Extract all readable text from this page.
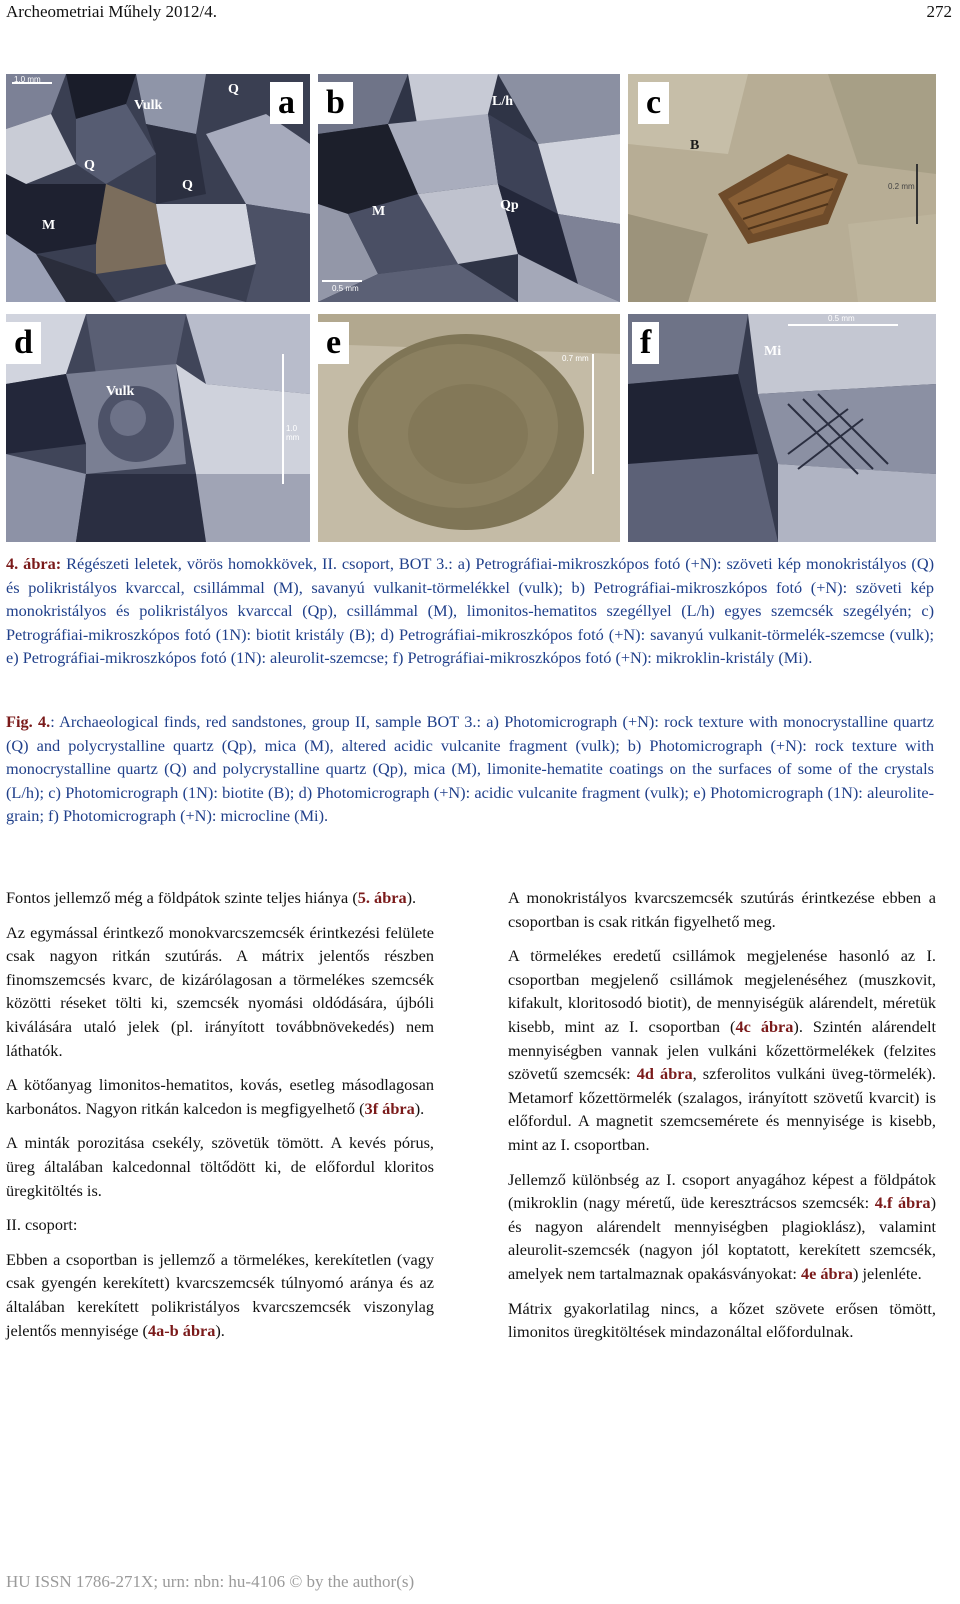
Archeometriai Műhely 2012/4.	272
1.0 mm
Vulk
Q
Q
Q
M
a
0.5 mm
L/h
M	Qp
b
0.2 mm
B
c
1.0 mm
Vulk
d	0.7 mm
e
0.5 mm
Mi
f
4. ábra: Régészeti leletek, vörös homokkövek, II. csoport, BOT 3.: a) Petrográfiai-mikroszkópos fotó (+N): szöveti kép monokristályos (Q) és polikristályos kvarccal, csillámmal (M), savanyú vulkanit-törmelékkel (vulk); b) Petrográfiai-mikroszkópos fotó (+N): szöveti kép monokristályos és polikristályos kvarccal (Qp), csillámmal (M), limonitos-hematitos szegéllyel (L/h) egyes szemcsék szegélyén; c) Petrográfiai-mikroszkópos fotó (1N): biotit kristály (B); d) Petrográfiai-mikroszkópos fotó (+N): savanyú vulkanit-törmelék-szemcse (vulk); e) Petrográfiai-mikroszkópos fotó (1N): aleurolit-szemcse; f) Petrográfiai-mikroszkópos fotó (+N): mikroklin-kristály (Mi).
Fig. 4.: Archaeological finds, red sandstones, group II, sample BOT 3.: a) Photomicrograph (+N): rock texture with monocrystalline quartz (Q) and polycrystalline quartz (Qp), mica (M), altered acidic vulcanite fragment (vulk); b) Photomicrograph (+N): rock texture with monocrystalline quartz (Q) and polycrystalline quartz (Qp), mica (M), limonite-hematite coatings on the surfaces of some of the crystals (L/h); c) Photomicrograph (1N): biotite (B); d) Photomicrograph (+N): acidic vulcanite fragment (vulk); e) Photomicrograph (1N): aleurolite-grain; f) Photomicrograph (+N): microcline (Mi).

Fontos jellemző még a földpátok szinte teljes hiánya (5. ábra).

Az egymással érintkező monokvarcszemcsék érintkezési felülete csak nagyon ritkán szutúrás. A mátrix jelentős részben finomszemcsés kvarc, de kizárólagosan a törmelékes szemcsék közötti réseket tölti ki, szemcsék nyomási oldódására, újbóli kiválására utaló jelek (pl. irányított továbbnövekedés) nem láthatók.

A kötőanyag limonitos-hematitos, kovás, esetleg másodlagosan karbonátos. Nagyon ritkán kalcedon is megfigyelhető (3f ábra).

A minták porozitása csekély, szövetük tömött. A kevés pórus, üreg általában kalcedonnal töltődött ki, de előfordul kloritos üregkitöltés is.

II. csoport:

Ebben a csoportban is jellemző a törmelékes, kerekítetlen (vagy csak gyengén kerekített) kvarcszemcsék túlnyomó aránya és az általában kerekített polikristályos kvarcszemcsék viszonylag jelentős mennyisége (4a-b ábra).

A monokristályos kvarcszemcsék szutúrás érintkezése ebben a csoportban is csak ritkán figyelhető meg.

A törmelékes eredetű csillámok megjelenése hasonló az I. csoportban megjelenő csillámok megjelenéséhez (muszkovit, kifakult, kloritosodó biotit), de mennyiségük alárendelt, méretük kisebb, mint az I. csoportban (4c ábra). Szintén alárendelt mennyiségben vannak jelen vulkáni kőzettörmelékek (felzites szövetű szemcsék: 4d ábra, szferolitos vulkáni üveg-törmelék). Metamorf kőzettörmelék (szalagos, irányított szövetű kvarcit) is előfordul. A magnetit szemcsemérete és mennyisége is kisebb, mint az I. csoportban.

Jellemző különbség az I. csoport anyagához képest a földpátok (mikroklin (nagy méretű, üde keresztrácsos szemcsék: 4.f ábra) és nagyon alárendelt mennyiségben plagioklász), valamint aleurolit-szemcsék (nagyon jól koptatott, kerekített szemcsék, amelyek nem tartalmaznak opakásványokat: 4e ábra) jelenléte.

Mátrix gyakorlatilag nincs, a kőzet szövete erősen tömött, limonitos üregkitöltések mindazonáltal előfordulnak.

HU ISSN 1786-271X; urn: nbn: hu-4106 © by the author(s)
